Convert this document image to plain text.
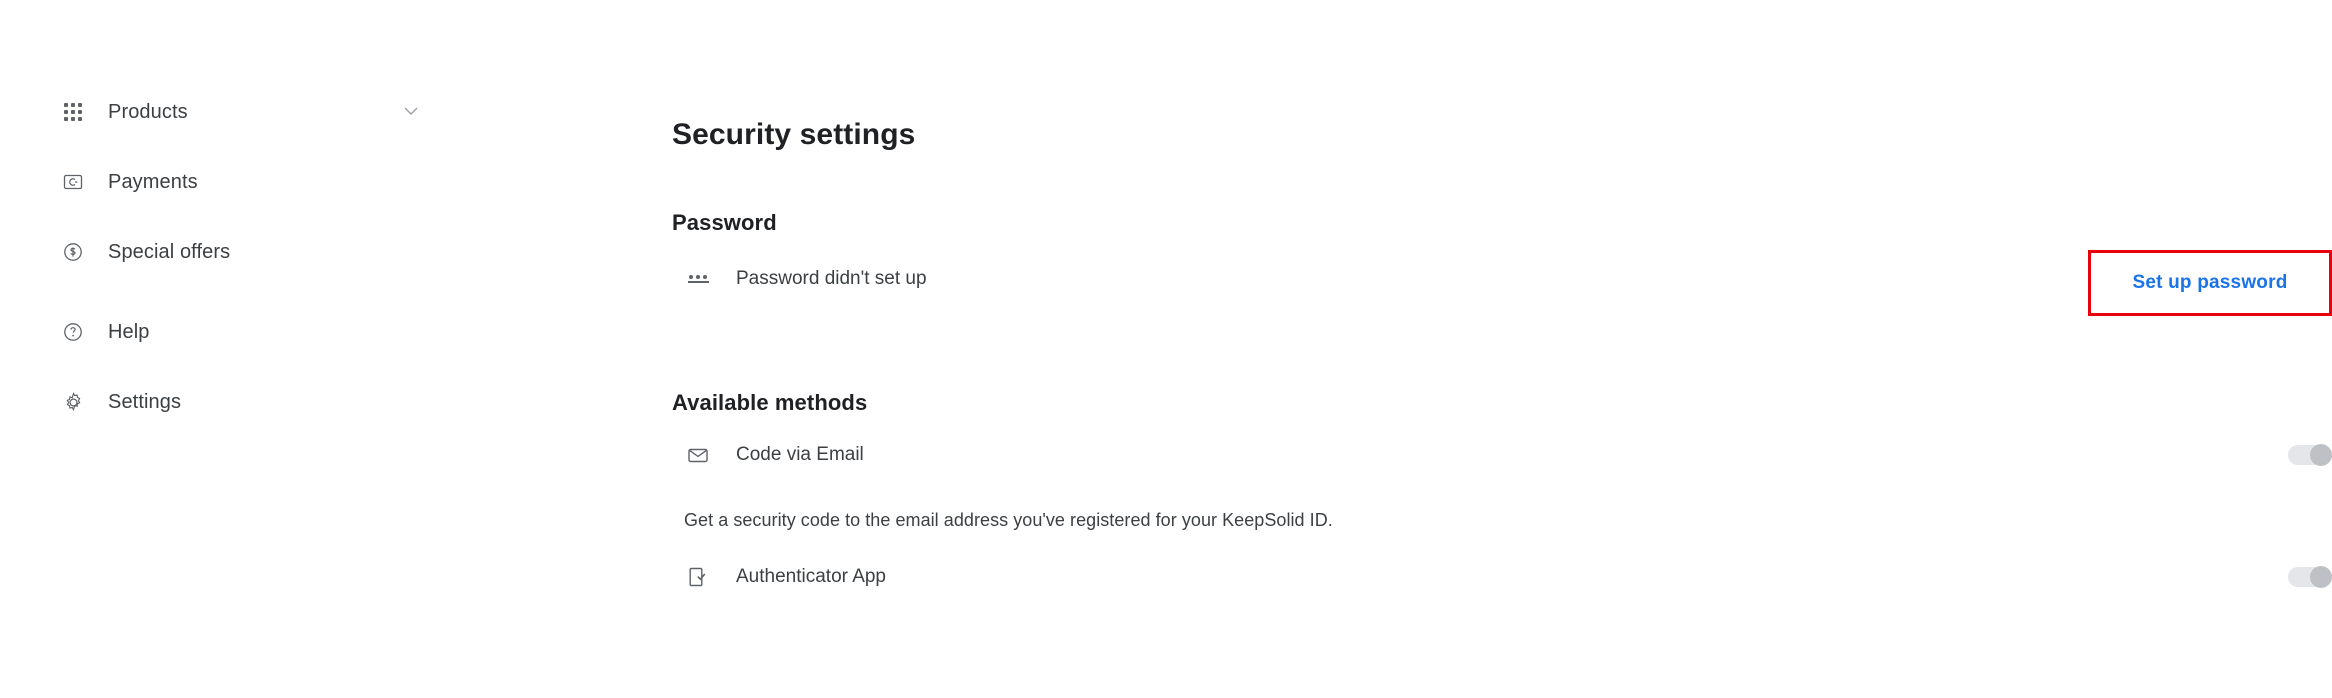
Products
Payments
Special offers
Help
Settings
Security settings
Password
Password didn't set up	Set up password
Available methods
Code via Email

Get a security code to the email address you've registered for your KeepSolid ID.

Authenticator App
